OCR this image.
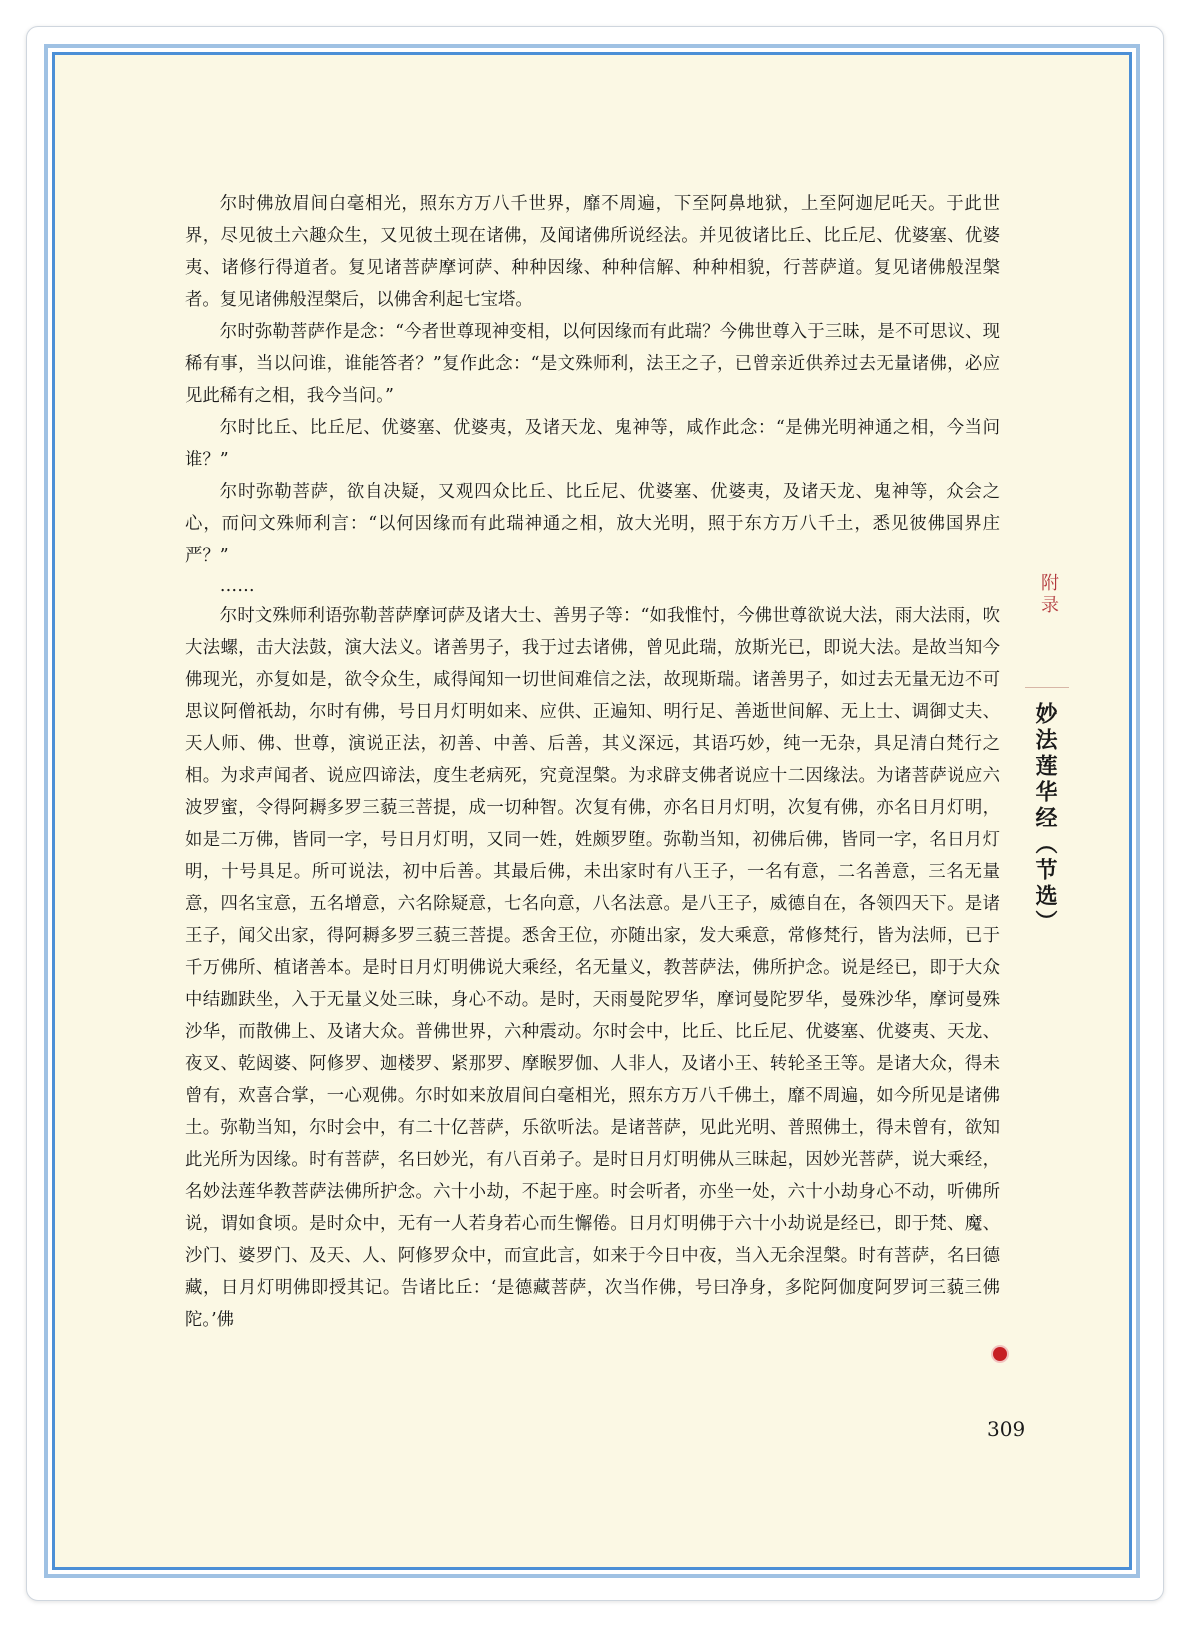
尔时佛放眉间白毫相光，照东方万八千世界，靡不周遍，下至阿鼻地狱，上至阿迦尼吒天。于此世界，尽见彼土六趣众生，又见彼土现在诸佛，及闻诸佛所说经法。并见彼诸比丘、比丘尼、优婆塞、优婆夷、诸修行得道者。复见诸菩萨摩诃萨、种种因缘、种种信解、种种相貌，行菩萨道。复见诸佛般涅槃者。复见诸佛般涅槃后，以佛舍利起七宝塔。

尔时弥勒菩萨作是念：“今者世尊现神变相，以何因缘而有此瑞？今佛世尊入于三昧，是不可思议、现稀有事，当以问谁，谁能答者？”复作此念：“是文殊师利，法王之子，已曾亲近供养过去无量诸佛，必应见此稀有之相，我今当问。”

尔时比丘、比丘尼、优婆塞、优婆夷，及诸天龙、鬼神等，咸作此念：“是佛光明神通之相，今当问谁？”

尔时弥勒菩萨，欲自决疑，又观四众比丘、比丘尼、优婆塞、优婆夷，及诸天龙、鬼神等，众会之心，而问文殊师利言：“以何因缘而有此瑞神通之相，放大光明，照于东方万八千土，悉见彼佛国界庄严？”

……

尔时文殊师利语弥勒菩萨摩诃萨及诸大士、善男子等：“如我惟忖，今佛世尊欲说大法，雨大法雨，吹大法螺，击大法鼓，演大法义。诸善男子，我于过去诸佛，曾见此瑞，放斯光已，即说大法。是故当知今佛现光，亦复如是，欲令众生，咸得闻知一切世间难信之法，故现斯瑞。诸善男子，如过去无量无边不可思议阿僧祇劫，尔时有佛，号日月灯明如来、应供、正遍知、明行足、善逝世间解、无上士、调御丈夫、天人师、佛、世尊，演说正法，初善、中善、后善，其义深远，其语巧妙，纯一无杂，具足清白梵行之相。为求声闻者、说应四谛法，度生老病死，究竟涅槃。为求辟支佛者说应十二因缘法。为诸菩萨说应六波罗蜜，令得阿耨多罗三藐三菩提，成一切种智。次复有佛，亦名日月灯明，次复有佛，亦名日月灯明，如是二万佛，皆同一字，号日月灯明，又同一姓，姓颇罗堕。弥勒当知，初佛后佛，皆同一字，名日月灯明，十号具足。所可说法，初中后善。其最后佛，未出家时有八王子，一名有意，二名善意，三名无量意，四名宝意，五名增意，六名除疑意，七名向意，八名法意。是八王子，威德自在，各领四天下。是诸王子，闻父出家，得阿耨多罗三藐三菩提。悉舍王位，亦随出家，发大乘意，常修梵行，皆为法师，已于千万佛所、植诸善本。是时日月灯明佛说大乘经，名无量义，教菩萨法，佛所护念。说是经已，即于大众中结跏趺坐，入于无量义处三昧，身心不动。是时，天雨曼陀罗华，摩诃曼陀罗华，曼殊沙华，摩诃曼殊沙华，而散佛上、及诸大众。普佛世界，六种震动。尔时会中，比丘、比丘尼、优婆塞、优婆夷、天龙、夜叉、乾闼婆、阿修罗、迦楼罗、紧那罗、摩睺罗伽、人非人，及诸小王、转轮圣王等。是诸大众，得未曾有，欢喜合掌，一心观佛。尔时如来放眉间白毫相光，照东方万八千佛土，靡不周遍，如今所见是诸佛土。弥勒当知，尔时会中，有二十亿菩萨，乐欲听法。是诸菩萨，见此光明、普照佛土，得未曾有，欲知此光所为因缘。时有菩萨，名曰妙光，有八百弟子。是时日月灯明佛从三昧起，因妙光菩萨，说大乘经，名妙法莲华教菩萨法佛所护念。六十小劫，不起于座。时会听者，亦坐一处，六十小劫身心不动，听佛所说，谓如食顷。是时众中，无有一人若身若心而生懈倦。日月灯明佛于六十小劫说是经已，即于梵、魔、沙门、婆罗门、及天、人、阿修罗众中，而宣此言，如来于今日中夜，当入无余涅槃。时有菩萨，名曰德藏，日月灯明佛即授其记。告诸比丘：‘是德藏菩萨，次当作佛，号曰净身，多陀阿伽度阿罗诃三藐三佛陀。’佛

附录
妙法莲华经（节选）
309
